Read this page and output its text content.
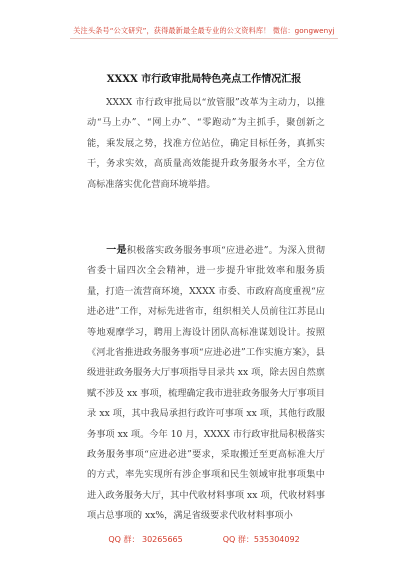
关注头条号“公文研究”，获得最新最全最专业的公文资料库！ 微信：gongwenyj
XXXX 市行政审批局特色亮点工作情况汇报
XXXX 市行政审批局以“放管服”改革为主动力，以推动“马上办”、“网上办”、“零跑动”为主抓手，聚创新之能，乘发展之势，找准方位站位，确定目标任务，真抓实干，务求实效，高质量高效能提升政务服务水平，全方位高标准落实优化营商环境举措。
一是积极落实政务服务事项“应进必进”。为深入贯彻省委十届四次全会精神，进一步提升审批效率和服务质量，打造一流营商环境，XXXX 市委、市政府高度重视“应进必进”工作，对标先进省市，组织相关人员前往江苏昆山等地观摩学习，聘用上海设计团队高标准谋划设计。按照《河北省推进政务服务事项“应进必进”工作实施方案》，县级进驻政务服务大厅事项指导目录共 xx 项，除去因自然禀赋不涉及 xx 事项，梳理确定我市进驻政务服务大厅事项目录 xx 项，其中我局承担行政许可事项 xx 项，其他行政服务事项 xx 项。今年 10 月，XXXX 市行政审批局积极落实政务服务事项“应进必进”要求，采取搬迁至更高标准大厅的方式，率先实现所有涉企事项和民生领域审批事项集中进入政务服务大厅，其中代收材料事项 xx 项，代收材料事项占总事项的 xx%，满足省级要求代收材料事项小
QQ 群： 30265665	QQ 群：535304092
